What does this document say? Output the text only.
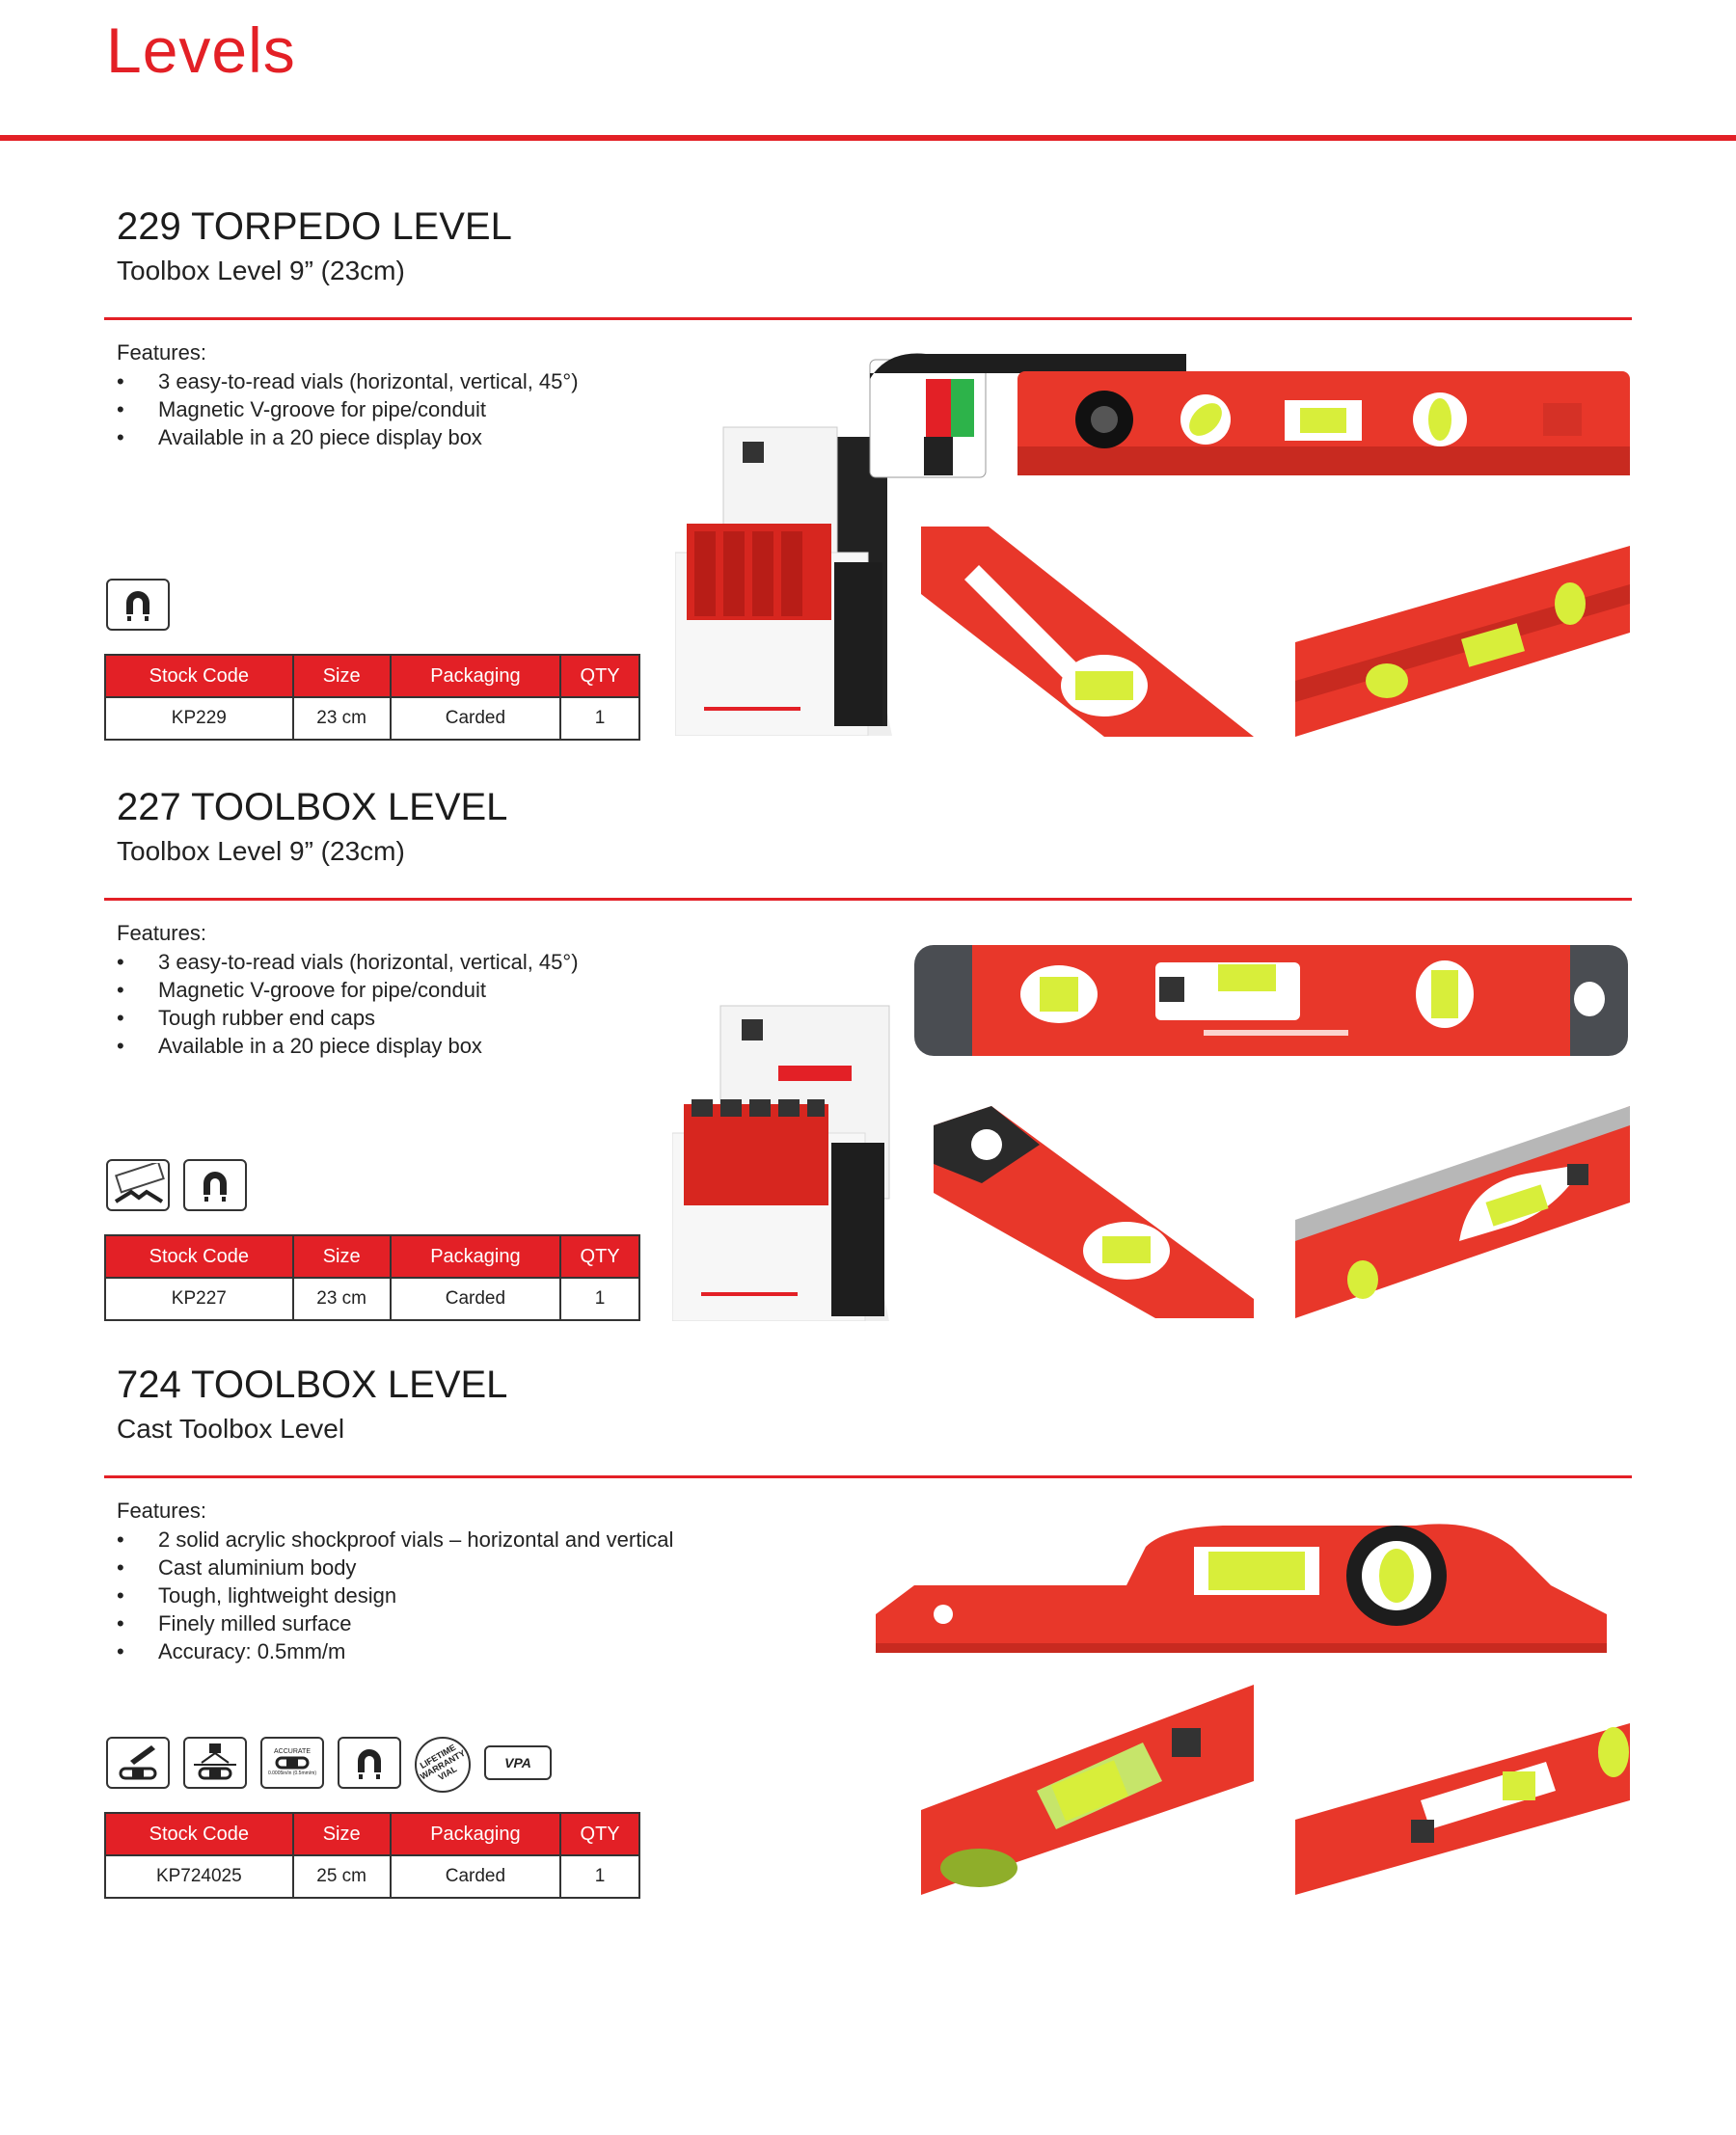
Levels
229 TORPEDO LEVEL

Toolbox Level 9” (23cm)

Features:
• 3 easy-to-read vials (horizontal, vertical, 45°)
• Magnetic V-groove for pipe/conduit
• Available in a 20 piece display box
Stock Code	Size	Packaging	QTY
KP229	23 cm	Carded	1
227 TOOLBOX LEVEL

Toolbox Level 9” (23cm)

Features:
• 3 easy-to-read vials (horizontal, vertical, 45°)
• Magnetic V-groove for pipe/conduit
• Tough rubber end caps
• Available in a 20 piece display box
Stock Code	Size	Packaging	QTY
KP227	23 cm	Carded	1
724 TOOLBOX LEVEL

Cast Toolbox Level

Features:
• 2 solid acrylic shockproof vials – horizontal and vertical
• Cast aluminium body
• Tough, lightweight design
• Finely milled surface
• Accuracy: 0.5mm/m
ACCURATE
0.0005in/in (0.5mm/m)
LIFETIME WARRANTY VIAL
VPA
Stock Code	Size	Packaging	QTY
KP724025	25 cm	Carded	1
